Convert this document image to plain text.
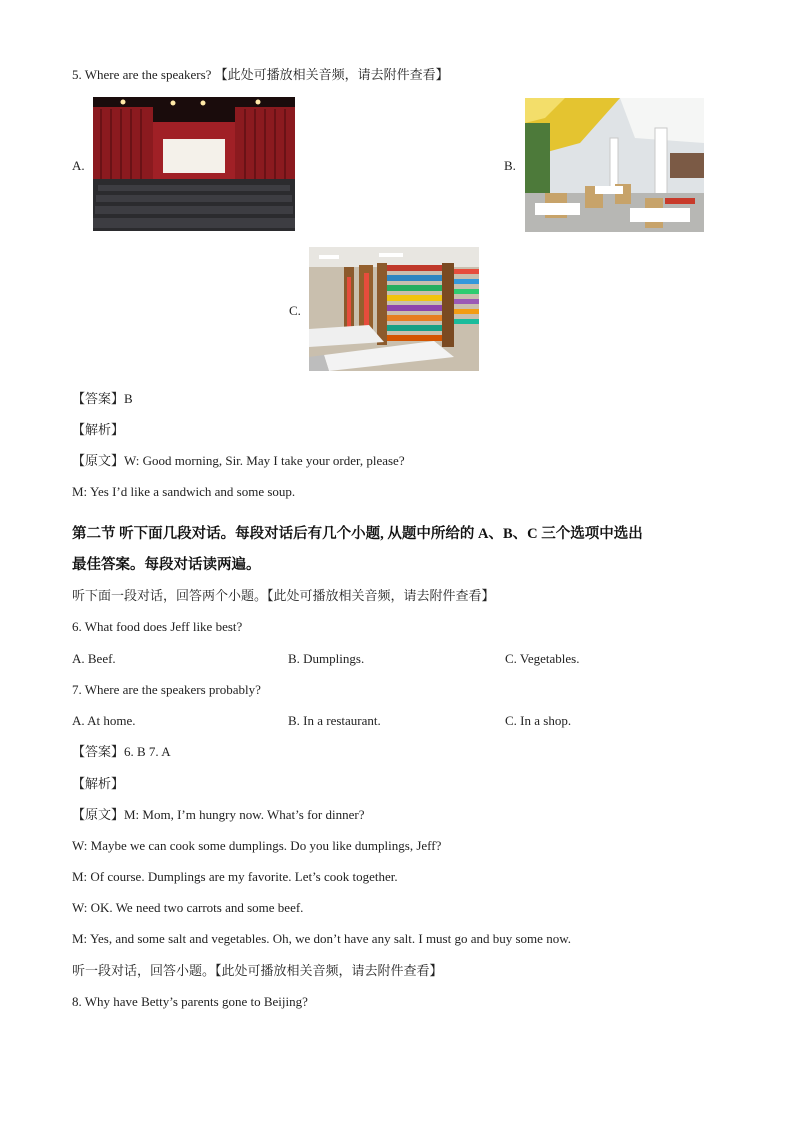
5. Where are the speakers? 【此处可播放相关音频，请去附件查看】
A.	B.
C.
【答案】B
【解析】
【原文】W: Good morning, Sir. May I take your order, please?
M: Yes I’d like a sandwich and some soup.
第二节 听下面几段对话。每段对话后有几个小题, 从题中所给的 A、B、C 三个选项中选出
最佳答案。每段对话读两遍。
听下面一段对话，回答两个小题。【此处可播放相关音频，请去附件查看】
6. What food does Jeff like best?
A. Beef.	B. Dumplings.	C. Vegetables.
7. Where are the speakers probably?
A. At home.	B. In a restaurant.	C. In a shop.
【答案】6. B 7. A
【解析】
【原文】M: Mom, I’m hungry now. What’s for dinner?
W: Maybe we can cook some dumplings. Do you like dumplings, Jeff?
M: Of course. Dumplings are my favorite. Let’s cook together.
W: OK. We need two carrots and some beef.
M: Yes, and some salt and vegetables. Oh, we don’t have any salt. I must go and buy some now.
听一段对话，回答小题。【此处可播放相关音频，请去附件查看】
8. Why have Betty’s parents gone to Beijing?
